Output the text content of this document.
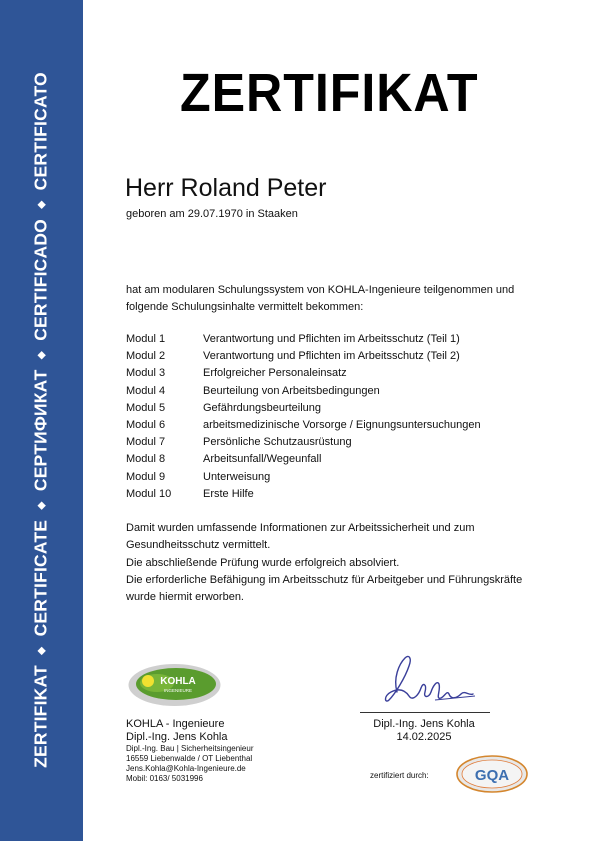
ZERTIFIKAT◆CERTIFICATE◆СЕРТИФИКАТ◆CERTIFICADO◆CERTIFICATO ZERTIFIKAT
Herr Roland Peter
geboren am 29.07.1970 in Staaken
hat am modularen Schulungssystem von KOHLA-Ingenieure teilgenommen und folgende Schulungsinhalte vermittelt bekommen:
Modul 1	Verantwortung und Pflichten im Arbeitsschutz (Teil 1)
Modul 2	Verantwortung und Pflichten im Arbeitsschutz (Teil 2)
Modul 3	Erfolgreicher Personaleinsatz
Modul 4	Beurteilung von Arbeitsbedingungen
Modul 5	Gefährdungsbeurteilung
Modul 6	arbeitsmedizinische Vorsorge / Eignungsuntersuchungen
Modul 7	Persönliche Schutzausrüstung
Modul 8	Arbeitsunfall/Wegeunfall
Modul 9	Unterweisung
Modul 10	Erste Hilfe
Damit wurden umfassende Informationen zur Arbeitssicherheit und zum
Gesundheitsschutz vermittelt.
Die abschließende Prüfung wurde erfolgreich absolviert.
Die erforderliche Befähigung im Arbeitsschutz für Arbeitgeber und Führungskräfte
wurde hiermit erworben.
KOHLA
INGENIEURE
KOHLA - Ingenieure
Dipl.-Ing. Jens Kohla
Dipl.-Ing. Bau | Sicherheitsingenieur
16559 Liebenwalde / OT Liebenthal
Jens.Kohla@Kohla-Ingenieure.de
Mobil: 0163/ 5031996
Dipl.-Ing. Jens Kohla
14.02.2025
zertifiziert durch:	GQA
